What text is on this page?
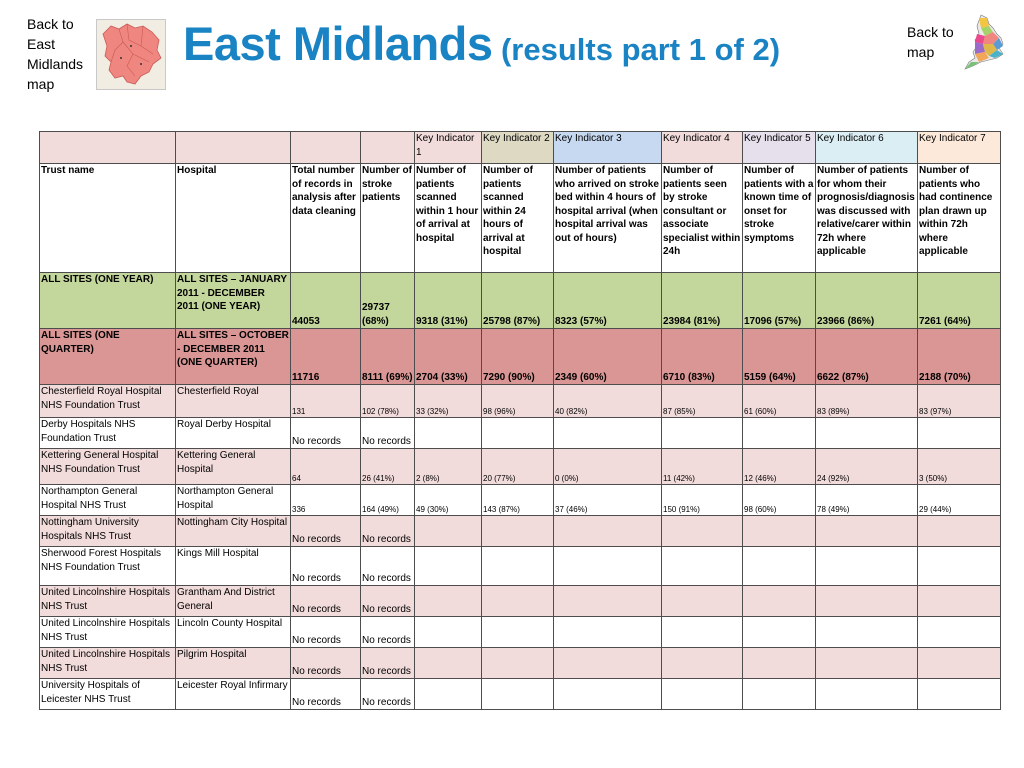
Back to East Midlands map
East Midlands (results part 1 of 2)	Back to map
				Key Indicator 1	Key Indicator 2	Key Indicator 3	Key Indicator 4	Key Indicator 5	Key Indicator 6	Key Indicator 7
Trust name	Hospital	Total number of records in analysis after data cleaning	Number of stroke patients	Number of patients scanned within 1 hour of arrival at hospital	Number of patients scanned within 24 hours of arrival at hospital	Number of patients who arrived on stroke bed within 4 hours of hospital arrival (when hospital arrival was out of hours)	Number of patients seen by stroke consultant or associate specialist within 24h	Number of patients with a known time of onset for stroke symptoms	Number of patients for whom their prognosis/diagnosis was discussed with relative/carer within 72h where applicable	Number of patients who had continence plan drawn up within 72h where applicable
ALL SITES (ONE YEAR)	ALL SITES – JANUARY 2011 - DECEMBER 2011 (ONE YEAR)	44053	29737 (68%)	9318 (31%)	25798 (87%)	8323 (57%)	23984 (81%)	17096 (57%)	23966 (86%)	7261 (64%)
ALL SITES (ONE QUARTER)	ALL SITES – OCTOBER - DECEMBER 2011 (ONE QUARTER)	11716	8111 (69%)	2704 (33%)	7290 (90%)	2349 (60%)	6710 (83%)	5159 (64%)	6622 (87%)	2188 (70%)
Chesterfield Royal Hospital NHS Foundation Trust	Chesterfield Royal	131	102 (78%)	33 (32%)	98 (96%)	40 (82%)	87 (85%)	61 (60%)	83 (89%)	83 (97%)
Derby Hospitals NHS Foundation Trust	Royal Derby Hospital	No records	No records							
Kettering General Hospital NHS Foundation Trust	Kettering General Hospital	64	26 (41%)	2 (8%)	20 (77%)	0 (0%)	11 (42%)	12 (46%)	24 (92%)	3 (50%)
Northampton General Hospital NHS Trust	Northampton General Hospital	336	164 (49%)	49 (30%)	143 (87%)	37 (46%)	150 (91%)	98 (60%)	78 (49%)	29 (44%)
Nottingham University Hospitals NHS Trust	Nottingham City Hospital	No records	No records							
Sherwood Forest Hospitals NHS Foundation Trust	Kings Mill Hospital	No records	No records							
United Lincolnshire Hospitals NHS Trust	Grantham And District General	No records	No records							
United Lincolnshire Hospitals NHS Trust	Lincoln County Hospital	No records	No records							
United Lincolnshire Hospitals NHS Trust	Pilgrim Hospital	No records	No records							
University Hospitals of Leicester NHS Trust	Leicester Royal Infirmary	No records	No records							
